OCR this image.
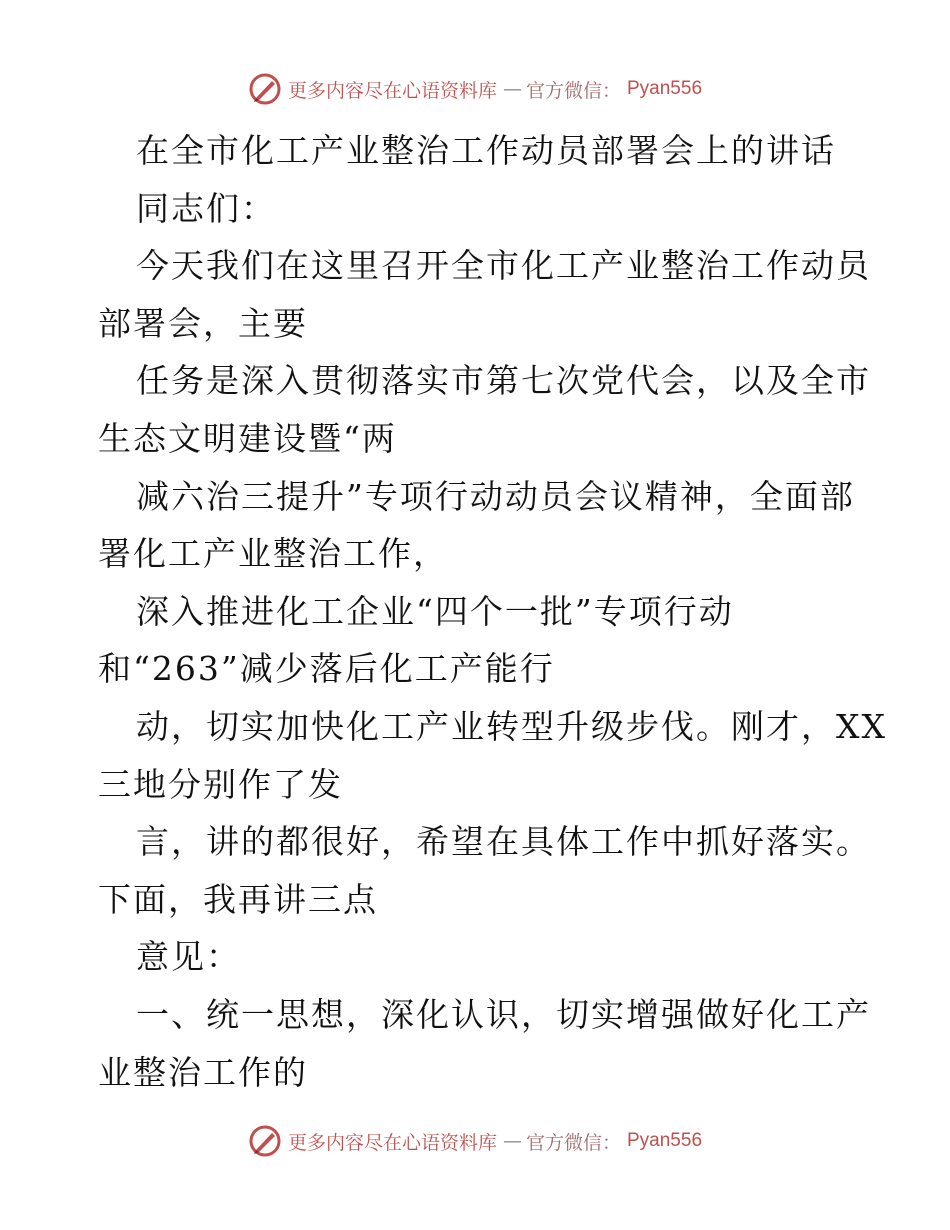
更多内容尽在心语资料库 — 官方微信： Pyan556
在全市化工产业整治工作动员部署会上的讲话
同志们：
今天我们在这里召开全市化工产业整治工作动员
部署会，主要
任务是深入贯彻落实市第七次党代会，以及全市
生态文明建设暨“两
减六治三提升”专项行动动员会议精神，全面部
署化工产业整治工作，
深入推进化工企业“四个一批”专项行动
和“263”减少落后化工产能行
动，切实加快化工产业转型升级步伐。刚才，XX
三地分别作了发
言，讲的都很好，希望在具体工作中抓好落实。
下面，我再讲三点
意见：
一、统一思想，深化认识，切实增强做好化工产
业整治工作的
更多内容尽在心语资料库 — 官方微信： Pyan556
